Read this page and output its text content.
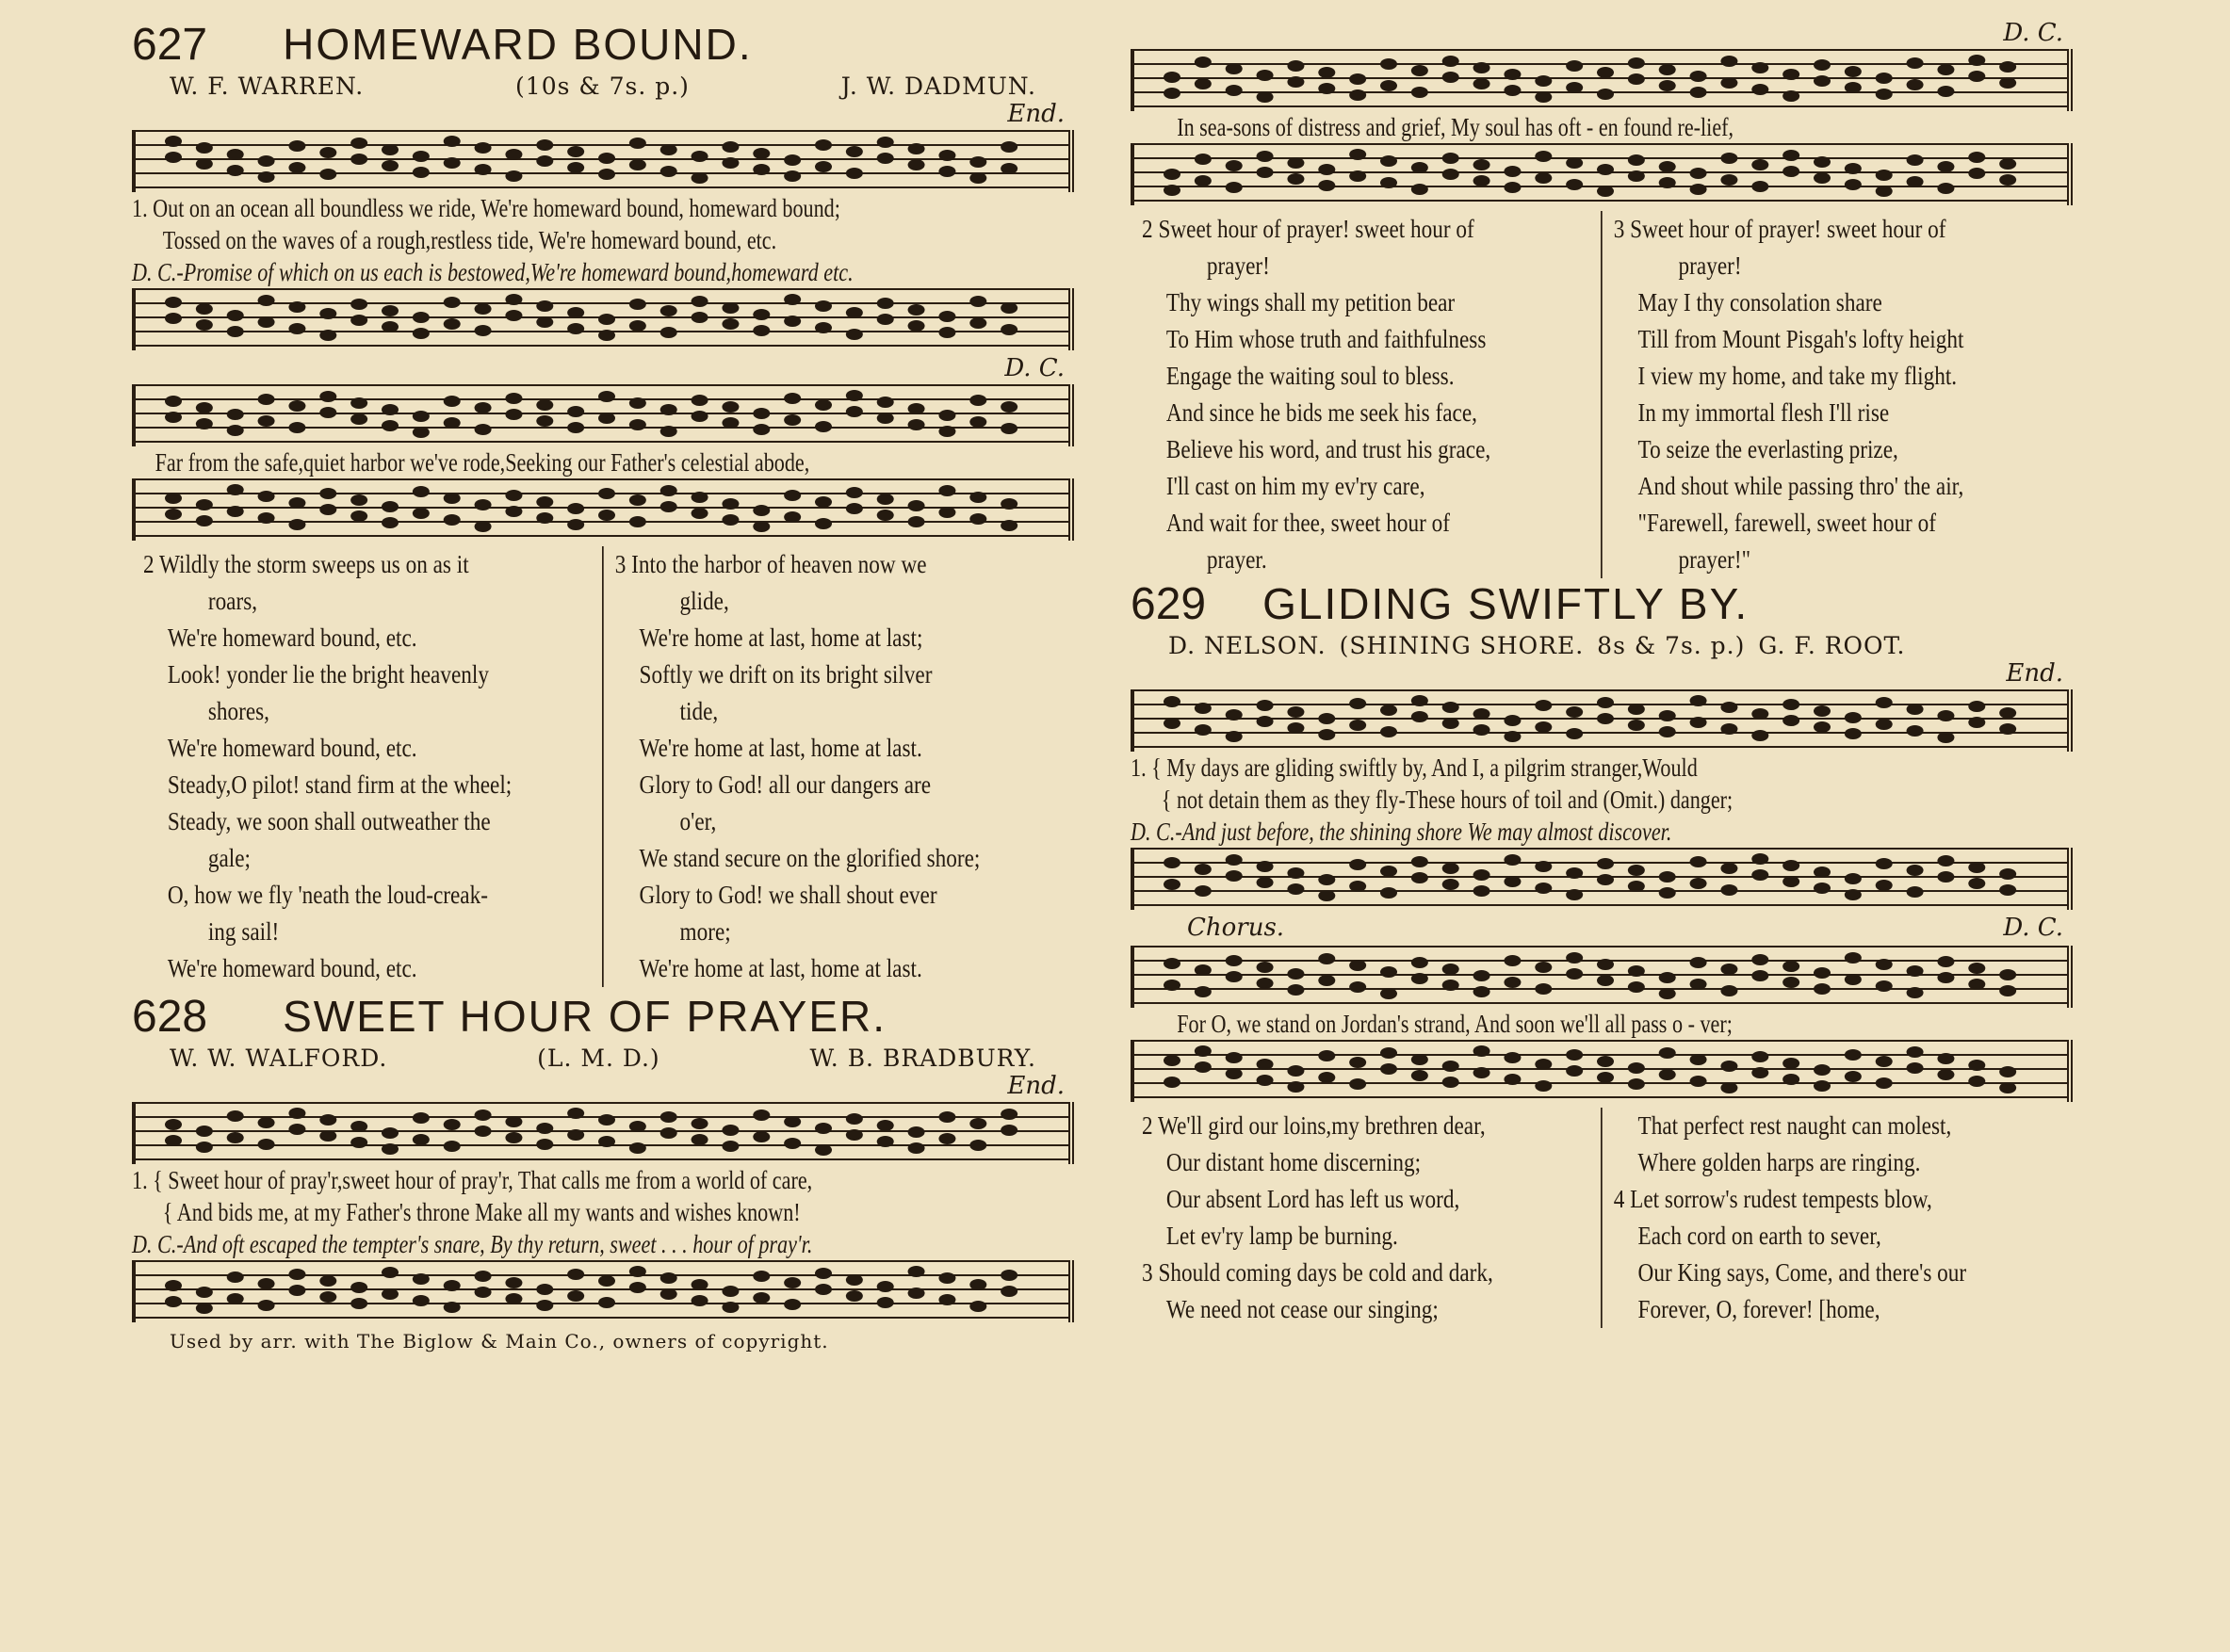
627 HOMEWARD BOUND.
W. F. WARREN.	(10s & 7s. p.)	J. W. DADMUN.
End.
1. Out on an ocean all boundless we ride, We're homeward bound, homeward bound;
Tossed on the waves of a rough,restless tide, We're homeward bound, etc.
D. C.-Promise of which on us each is bestowed,We're homeward bound,homeward etc.
D. C.
Far from the safe,quiet harbor we've rode,Seeking our Father's celestial abode,
2 Wildly the storm sweeps us on as it
roars,
We're homeward bound, etc.
Look! yonder lie the bright heavenly
shores,
We're homeward bound, etc.
Steady,O pilot! stand firm at the wheel;
Steady, we soon shall outweather the
gale;
O, how we fly 'neath the loud-creak-
ing sail!
We're homeward bound, etc.
3 Into the harbor of heaven now we
glide,
We're home at last, home at last;
Softly we drift on its bright silver
tide,
We're home at last, home at last.
Glory to God! all our dangers are
o'er,
We stand secure on the glorified shore;
Glory to God! we shall shout ever
more;
We're home at last, home at last.
628 SWEET HOUR OF PRAYER.
W. W. WALFORD.	(L. M. D.)	W. B. BRADBURY.
End.
1. { Sweet hour of pray'r,sweet hour of pray'r, That calls me from a world of care,
{ And bids me, at my Father's throne Make all my wants and wishes known!
D. C.-And oft escaped the tempter's snare, By thy return, sweet . . . hour of pray'r.
Used by arr. with The Biglow & Main Co., owners of copyright.
D. C.
In sea-sons of distress and grief, My soul has oft - en found re-lief,
2 Sweet hour of prayer! sweet hour of
prayer!
Thy wings shall my petition bear
To Him whose truth and faithfulness
Engage the waiting soul to bless.
And since he bids me seek his face,
Believe his word, and trust his grace,
I'll cast on him my ev'ry care,
And wait for thee, sweet hour of
prayer.
3 Sweet hour of prayer! sweet hour of
prayer!
May I thy consolation share
Till from Mount Pisgah's lofty height
I view my home, and take my flight.
In my immortal flesh I'll rise
To seize the everlasting prize,
And shout while passing thro' the air,
"Farewell, farewell, sweet hour of
prayer!"
629 GLIDING SWIFTLY BY.
D. NELSON. (SHINING SHORE. 8s & 7s. p.) G. F. ROOT.
End.
1. { My days are gliding swiftly by, And I, a pilgrim stranger,Would
{ not detain them as they fly-These hours of toil and (Omit.) danger;
D. C.-And just before, the shining shore We may almost discover.
Chorus.	D. C.
For O, we stand on Jordan's strand, And soon we'll all pass o - ver;
2 We'll gird our loins,my brethren dear,
Our distant home discerning;
Our absent Lord has left us word,
Let ev'ry lamp be burning.
3 Should coming days be cold and dark,
We need not cease our singing;
That perfect rest naught can molest,
Where golden harps are ringing.
4 Let sorrow's rudest tempests blow,
Each cord on earth to sever,
Our King says, Come, and there's our
Forever, O, forever! [home,
